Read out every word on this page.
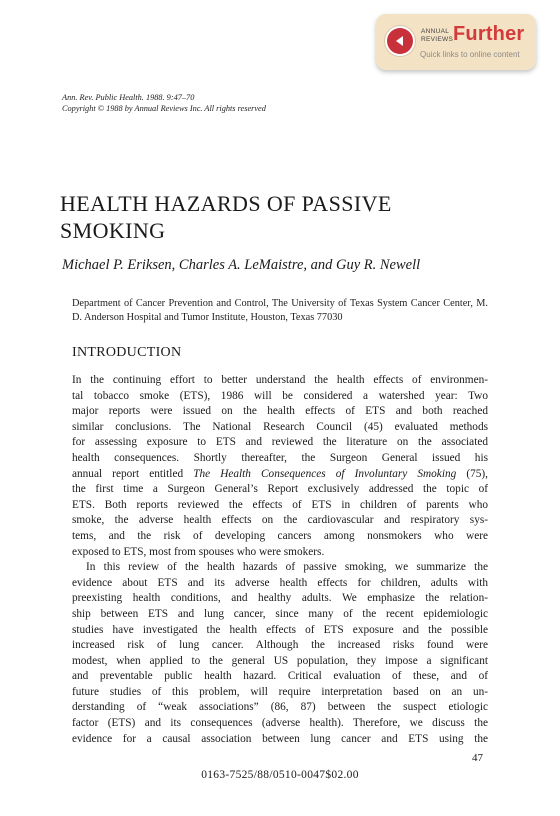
ANNUAL
REVIEWS Further
Quick links to online content
Ann. Rev. Public Health. 1988. 9:47–70
Copyright © 1988 by Annual Reviews Inc. All rights reserved
HEALTH HAZARDS OF PASSIVE SMOKING
Michael P. Eriksen, Charles A. LeMaistre, and Guy R. Newell
Department of Cancer Prevention and Control, The University of Texas System Cancer Center, M. D. Anderson Hospital and Tumor Institute, Houston, Texas 77030
INTRODUCTION
In the continuing effort to better understand the health effects of environmen-
tal tobacco smoke (ETS), 1986 will be considered a watershed year: Two
major reports were issued on the health effects of ETS and both reached
similar conclusions. The National Research Council (45) evaluated methods
for assessing exposure to ETS and reviewed the literature on the associated
health consequences. Shortly thereafter, the Surgeon General issued his
annual report entitled The Health Consequences of Involuntary Smoking (75),
the first time a Surgeon General’s Report exclusively addressed the topic of
ETS. Both reports reviewed the effects of ETS in children of parents who
smoke, the adverse health effects on the cardiovascular and respiratory sys-
tems, and the risk of developing cancers among nonsmokers who were
exposed to ETS, most from spouses who were smokers.
In this review of the health hazards of passive smoking, we summarize the
evidence about ETS and its adverse health effects for children, adults with
preexisting health conditions, and healthy adults. We emphasize the relation-
ship between ETS and lung cancer, since many of the recent epidemiologic
studies have investigated the health effects of ETS exposure and the possible
increased risk of lung cancer. Although the increased risks found were
modest, when applied to the general US population, they impose a significant
and preventable public health hazard. Critical evaluation of these, and of
future studies of this problem, will require interpretation based on an un-
derstanding of “weak associations” (86, 87) between the suspect etiologic
factor (ETS) and its consequences (adverse health). Therefore, we discuss the
evidence for a causal association between lung cancer and ETS using the
47
0163-7525/88/0510-0047$02.00
